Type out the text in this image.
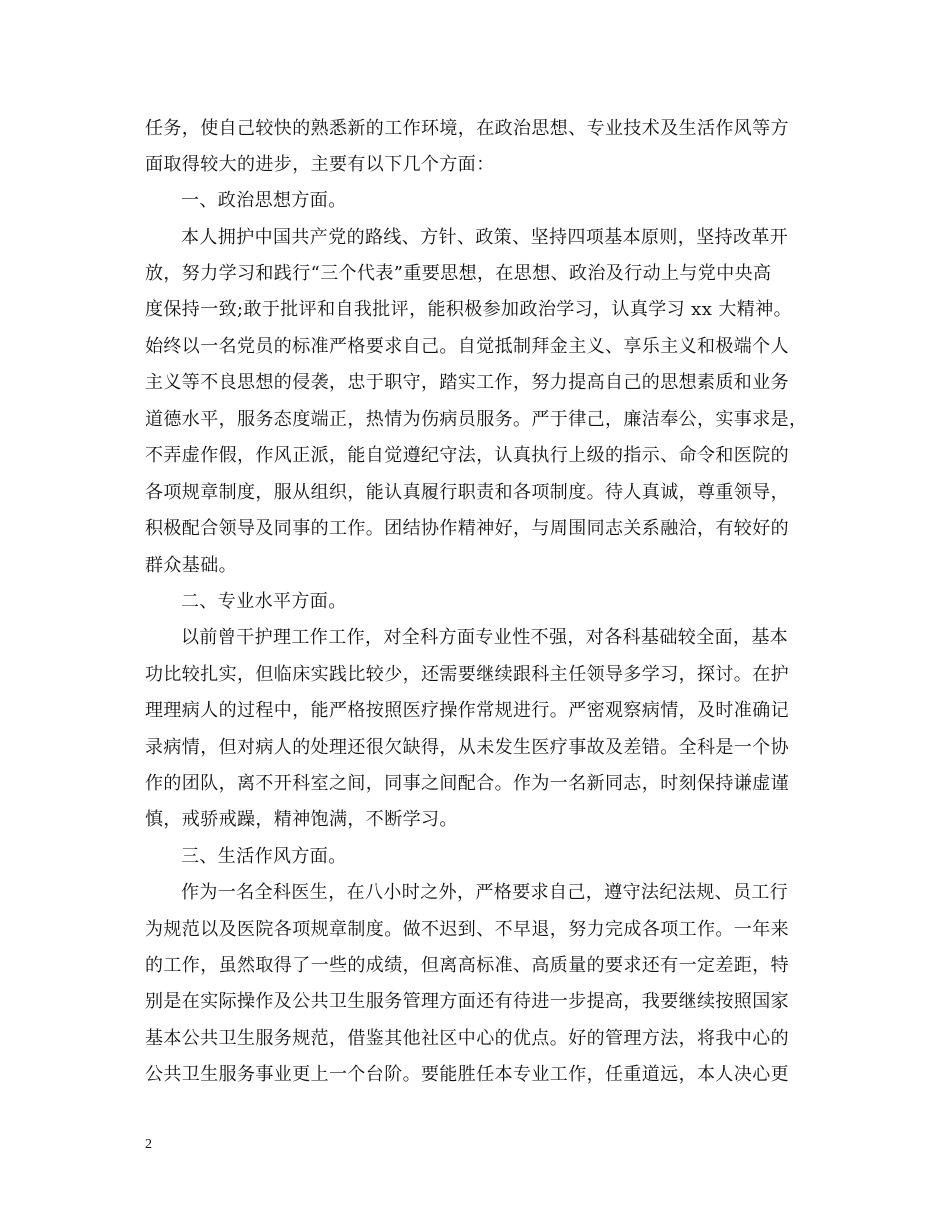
任务，使自己较快的熟悉新的工作环境，在政治思想、专业技术及生活作风等方
面取得较大的进步，主要有以下几个方面：
一、政治思想方面。
本人拥护中国共产党的路线、方针、政策、坚持四项基本原则，坚持改革开
放，努力学习和践行“三个代表”重要思想，在思想、政治及行动上与党中央高
度保持一致;敢于批评和自我批评，能积极参加政治学习，认真学习 xx 大精神。
始终以一名党员的标准严格要求自己。自觉抵制拜金主义、享乐主义和极端个人
主义等不良思想的侵袭，忠于职守，踏实工作，努力提高自己的思想素质和业务
道德水平，服务态度端正，热情为伤病员服务。严于律己，廉洁奉公，实事求是，
不弄虚作假，作风正派，能自觉遵纪守法，认真执行上级的指示、命令和医院的
各项规章制度，服从组织，能认真履行职责和各项制度。待人真诚，尊重领导，
积极配合领导及同事的工作。团结协作精神好，与周围同志关系融洽，有较好的
群众基础。
二、专业水平方面。
以前曾干护理工作工作，对全科方面专业性不强，对各科基础较全面，基本
功比较扎实，但临床实践比较少，还需要继续跟科主任领导多学习，探讨。在护
理理病人的过程中，能严格按照医疗操作常规进行。严密观察病情，及时准确记
录病情，但对病人的处理还很欠缺得，从未发生医疗事故及差错。全科是一个协
作的团队，离不开科室之间，同事之间配合。作为一名新同志，时刻保持谦虚谨
慎，戒骄戒躁，精神饱满，不断学习。
三、生活作风方面。
作为一名全科医生，在八小时之外，严格要求自己，遵守法纪法规、员工行
为规范以及医院各项规章制度。做不迟到、不早退，努力完成各项工作。一年来
的工作，虽然取得了一些的成绩，但离高标准、高质量的要求还有一定差距，特
别是在实际操作及公共卫生服务管理方面还有待进一步提高，我要继续按照国家
基本公共卫生服务规范，借鉴其他社区中心的优点。好的管理方法，将我中心的
公共卫生服务事业更上一个台阶。要能胜任本专业工作，任重道远，本人决心更
2
